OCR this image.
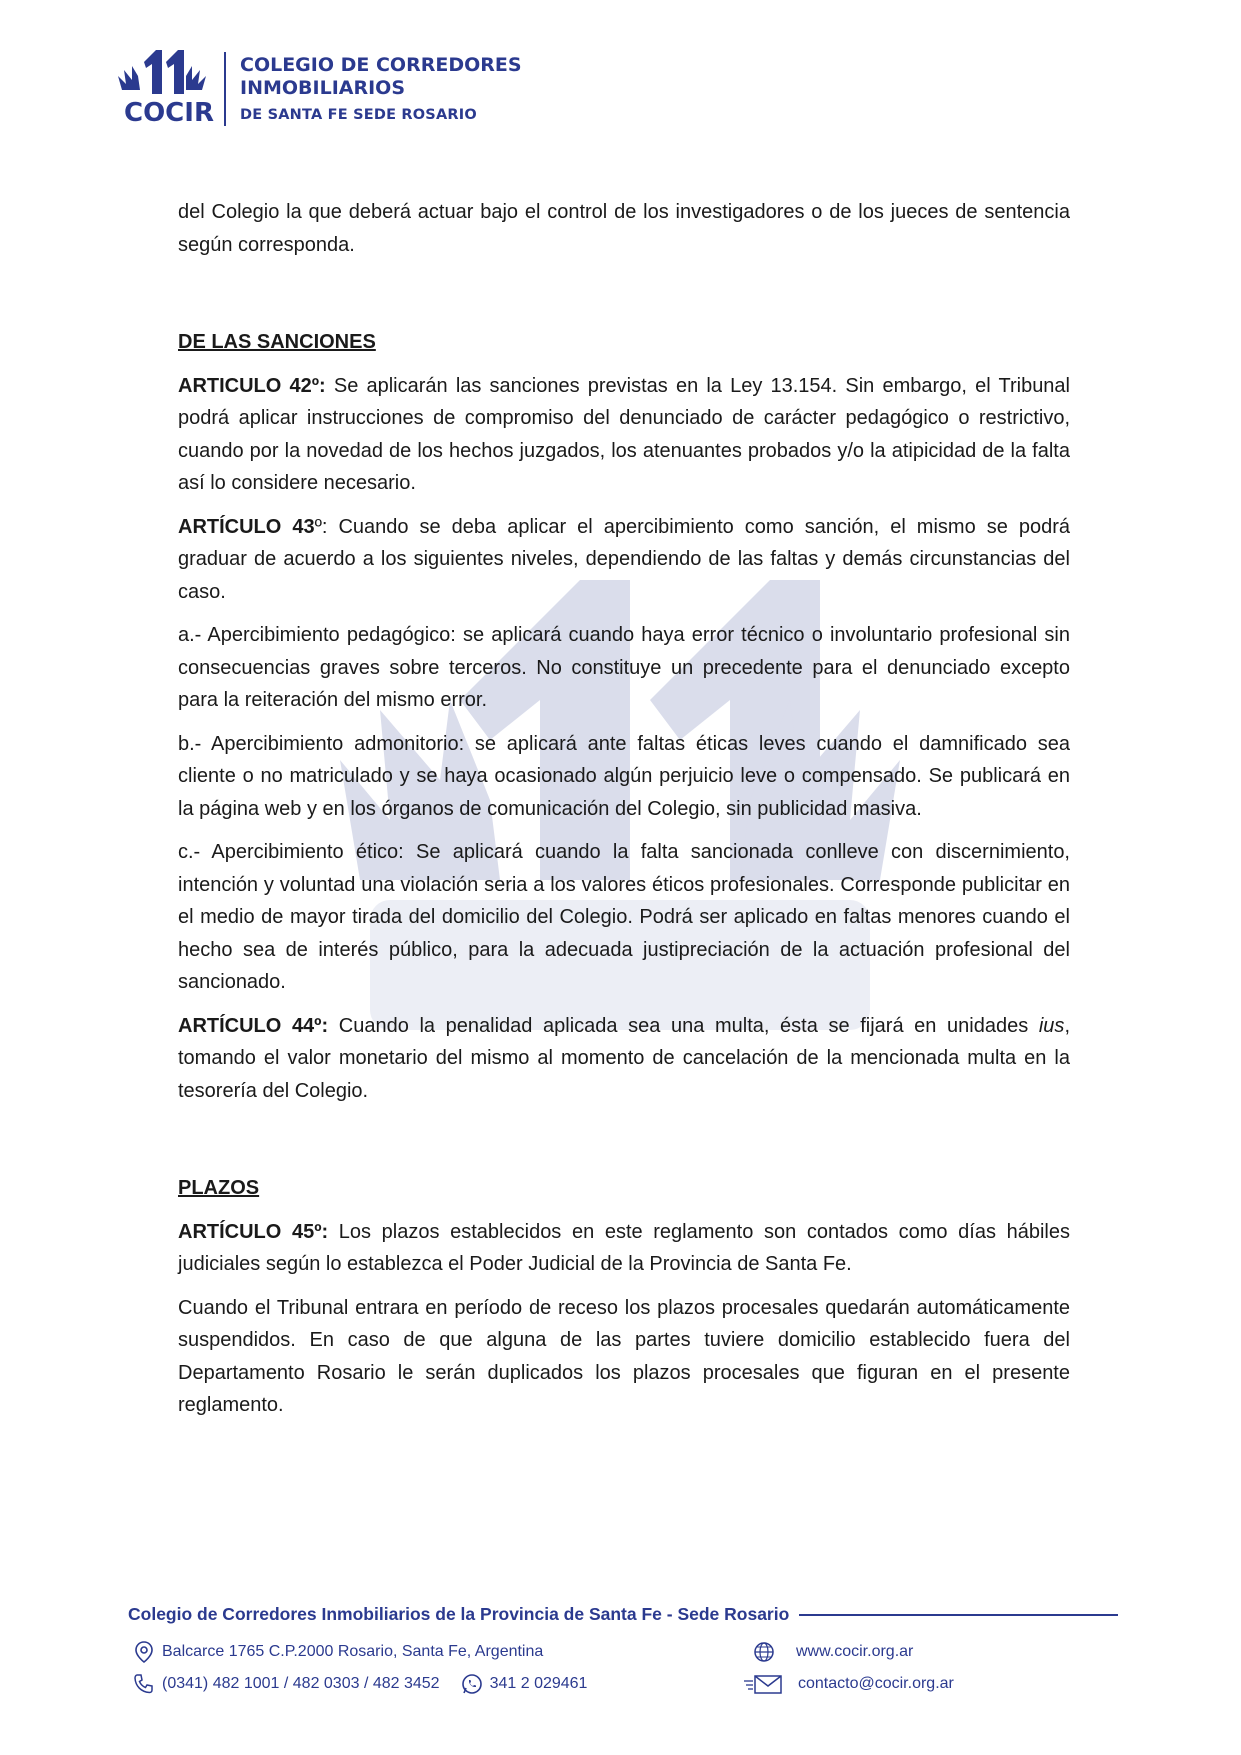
COCIR
COLEGIO DE CORREDORES
INMOBILIARIOS
DE SANTA FE SEDE ROSARIO

del Colegio la que deberá actuar bajo el control de los investigadores o de los jueces de sentencia según corresponda.

DE LAS SANCIONES

ARTICULO 42º: Se aplicarán las sanciones previstas en la Ley 13.154. Sin embargo, el Tribunal podrá aplicar instrucciones de compromiso del denunciado de carácter pedagógico o restrictivo, cuando por la novedad de los hechos juzgados, los atenuantes probados y/o la atipicidad de la falta así lo considere necesario.

ARTÍCULO 43º: Cuando se deba aplicar el apercibimiento como sanción, el mismo se podrá graduar de acuerdo a los siguientes niveles, dependiendo de las faltas y demás circunstancias del caso.

a.- Apercibimiento pedagógico: se aplicará cuando haya error técnico o involuntario profesional sin consecuencias graves sobre terceros. No constituye un precedente para el denunciado excepto para la reiteración del mismo error.

b.- Apercibimiento admonitorio: se aplicará ante faltas éticas leves cuando el damnificado sea cliente o no matriculado y se haya ocasionado algún perjuicio leve o compensado. Se publicará en la página web y en los órganos de comunicación del Colegio, sin publicidad masiva.

c.- Apercibimiento ético: Se aplicará cuando la falta sancionada conlleve con discernimiento, intención y voluntad una violación seria a los valores éticos profesionales. Corresponde publicitar en el medio de mayor tirada del domicilio del Colegio. Podrá ser aplicado en faltas menores cuando el hecho sea de interés público, para la adecuada justipreciación de la actuación profesional del sancionado.

ARTÍCULO 44º: Cuando la penalidad aplicada sea una multa, ésta se fijará en unidades ius, tomando el valor monetario del mismo al momento de cancelación de la mencionada multa en la tesorería del Colegio.

PLAZOS

ARTÍCULO 45º: Los plazos establecidos en este reglamento son contados como días hábiles judiciales según lo establezca el Poder Judicial de la Provincia de Santa Fe.

Cuando el Tribunal entrara en período de receso los plazos procesales quedarán automáticamente suspendidos. En caso de que alguna de las partes tuviere domicilio establecido fuera del Departamento Rosario le serán duplicados los plazos procesales que figuran en el presente reglamento.

Colegio de Corredores Inmobiliarios de la Provincia de Santa Fe - Sede Rosario
Balcarce 1765 C.P.2000 Rosario, Santa Fe, Argentina
(0341) 482 1001 / 482 0303 / 482 3452	341 2 029461
www.cocir.org.ar
contacto@cocir.org.ar
